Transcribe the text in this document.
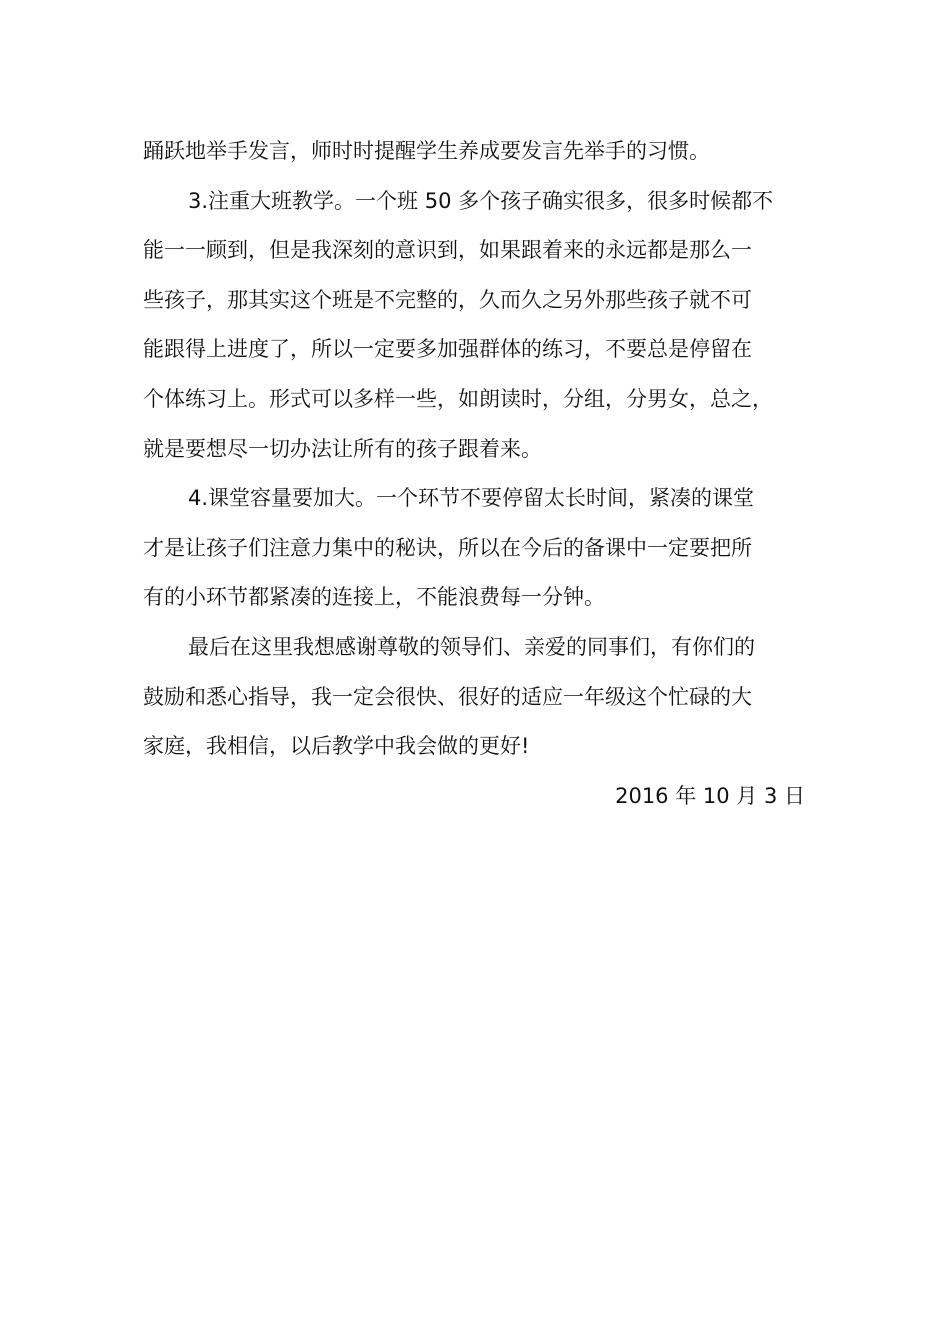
踊跃地举手发言，师时时提醒学生养成要发言先举手的习惯。
3.注重大班教学。一个班 50 多个孩子确实很多，很多时候都不
能一一顾到，但是我深刻的意识到，如果跟着来的永远都是那么一
些孩子，那其实这个班是不完整的，久而久之另外那些孩子就不可
能跟得上进度了，所以一定要多加强群体的练习，不要总是停留在
个体练习上。形式可以多样一些，如朗读时，分组，分男女，总之，
就是要想尽一切办法让所有的孩子跟着来。
4.课堂容量要加大。一个环节不要停留太长时间，紧凑的课堂
才是让孩子们注意力集中的秘诀，所以在今后的备课中一定要把所
有的小环节都紧凑的连接上，不能浪费每一分钟。
最后在这里我想感谢尊敬的领导们、亲爱的同事们，有你们的
鼓励和悉心指导，我一定会很快、很好的适应一年级这个忙碌的大
家庭，我相信，以后教学中我会做的更好!
2016 年 10 月 3 日
